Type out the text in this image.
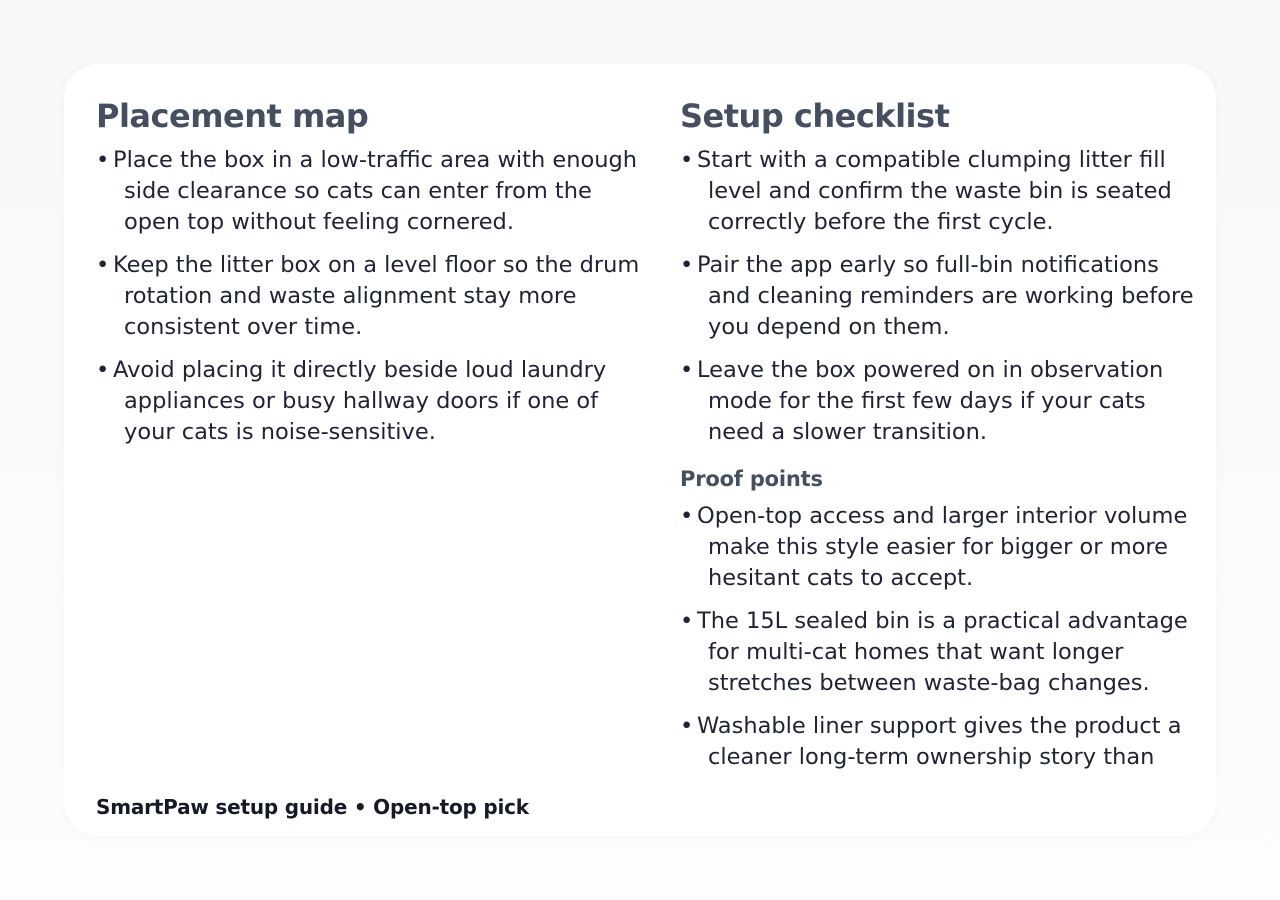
Placement map
• Place the box in a low-traffic area with enough side clearance so cats can enter from the open top without feeling cornered.
• Keep the litter box on a level floor so the drum rotation and waste alignment stay more consistent over time.
• Avoid placing it directly beside loud laundry appliances or busy hallway doors if one of your cats is noise-sensitive.
Setup checklist
• Start with a compatible clumping litter fill level and confirm the waste bin is seated correctly before the first cycle.
• Pair the app early so full-bin notifications and cleaning reminders are working before you depend on them.
• Leave the box powered on in observation mode for the first few days if your cats need a slower transition.
Proof points
• Open-top access and larger interior volume make this style easier for bigger or more hesitant cats to accept.
• The 15L sealed bin is a practical advantage for multi-cat homes that want longer stretches between waste-bag changes.
• Washable liner support gives the product a cleaner long-term ownership story than
SmartPaw setup guide • Open-top pick
